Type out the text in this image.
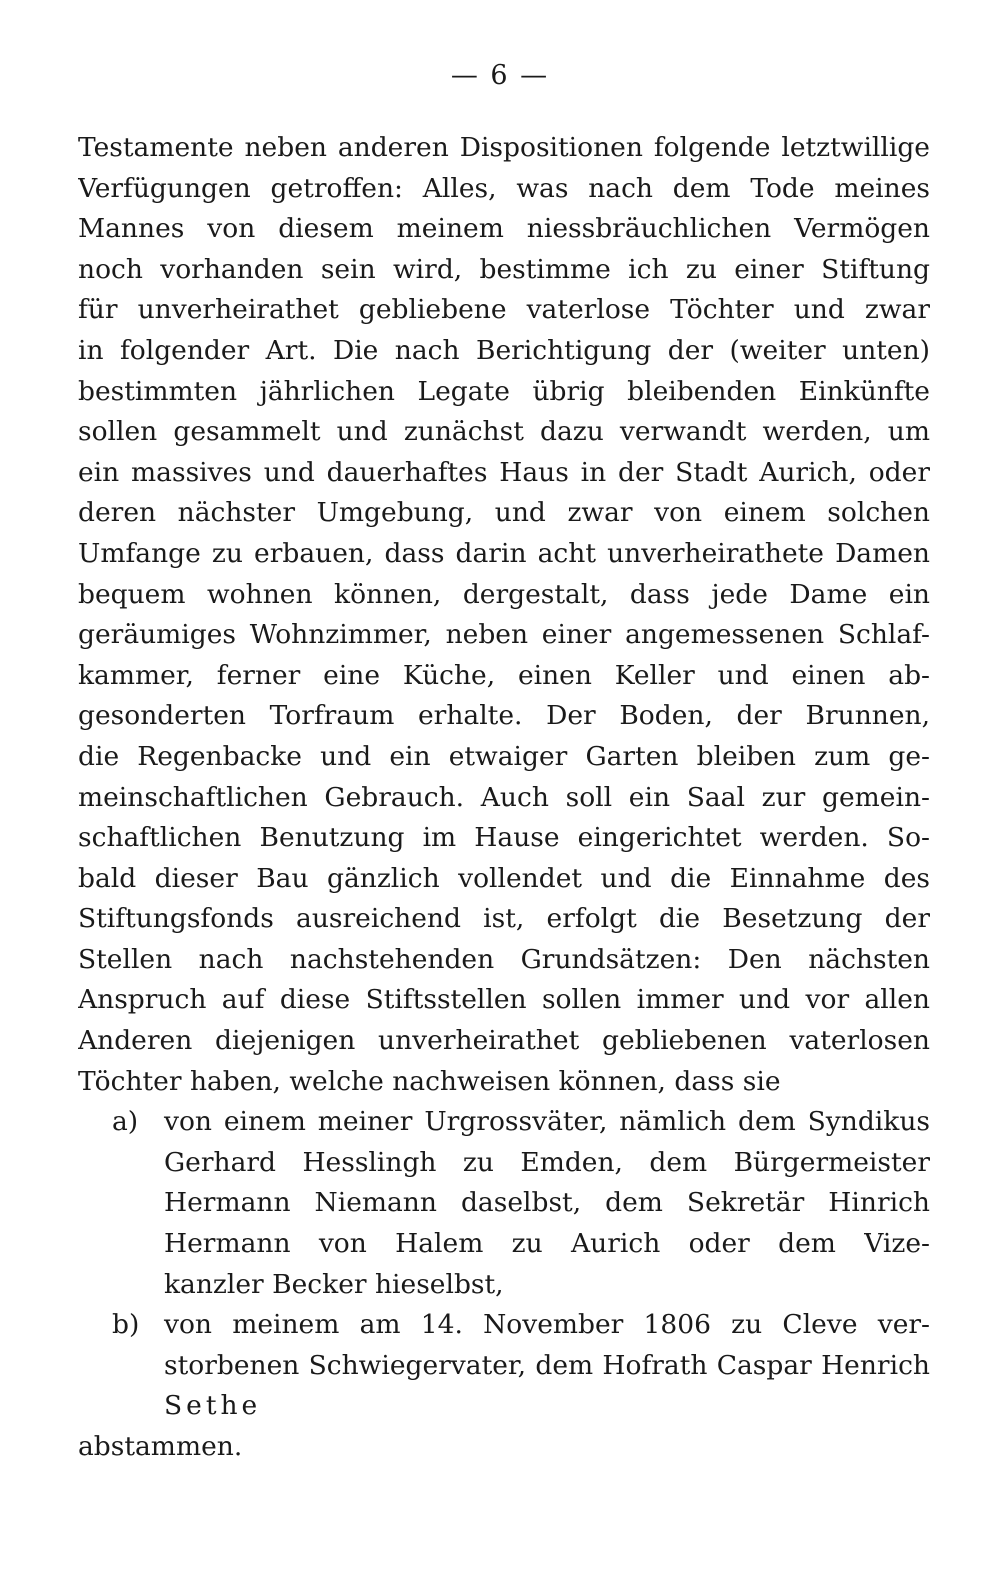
— 6 —
Testamente neben anderen Dispositionen folgende letztwillige
Verfügungen getroffen: Alles, was nach dem Tode meines
Mannes von diesem meinem niessbräuchlichen Vermögen
noch vorhanden sein wird, bestimme ich zu einer Stiftung
für unverheirathet gebliebene vaterlose Töchter und zwar
in folgender Art. Die nach Berichtigung der (weiter unten)
bestimmten jährlichen Legate übrig bleibenden Einkünfte
sollen gesammelt und zunächst dazu verwandt werden, um
ein massives und dauerhaftes Haus in der Stadt Aurich, oder
deren nächster Umgebung, und zwar von einem solchen
Umfange zu erbauen, dass darin acht unverheirathete Damen
bequem wohnen können, dergestalt, dass jede Dame ein
geräumiges Wohnzimmer, neben einer angemessenen Schlaf-
kammer, ferner eine Küche, einen Keller und einen ab-
gesonderten Torfraum erhalte. Der Boden, der Brunnen,
die Regenbacke und ein etwaiger Garten bleiben zum ge-
meinschaftlichen Gebrauch. Auch soll ein Saal zur gemein-
schaftlichen Benutzung im Hause eingerichtet werden. So-
bald dieser Bau gänzlich vollendet und die Einnahme des
Stiftungsfonds ausreichend ist, erfolgt die Besetzung der
Stellen nach nachstehenden Grundsätzen: Den nächsten
Anspruch auf diese Stiftsstellen sollen immer und vor allen
Anderen diejenigen unverheirathet gebliebenen vaterlosen
Töchter haben, welche nachweisen können, dass sie
a) von einem meiner Urgrossväter, nämlich dem Syndikus
Gerhard Hesslingh zu Emden, dem Bürgermeister
Hermann Niemann daselbst, dem Sekretär Hinrich
Hermann von Halem zu Aurich oder dem Vize-
kanzler Becker hieselbst,
b) von meinem am 14. November 1806 zu Cleve ver-
storbenen Schwiegervater, dem Hofrath Caspar Henrich
Sethe
abstammen.
